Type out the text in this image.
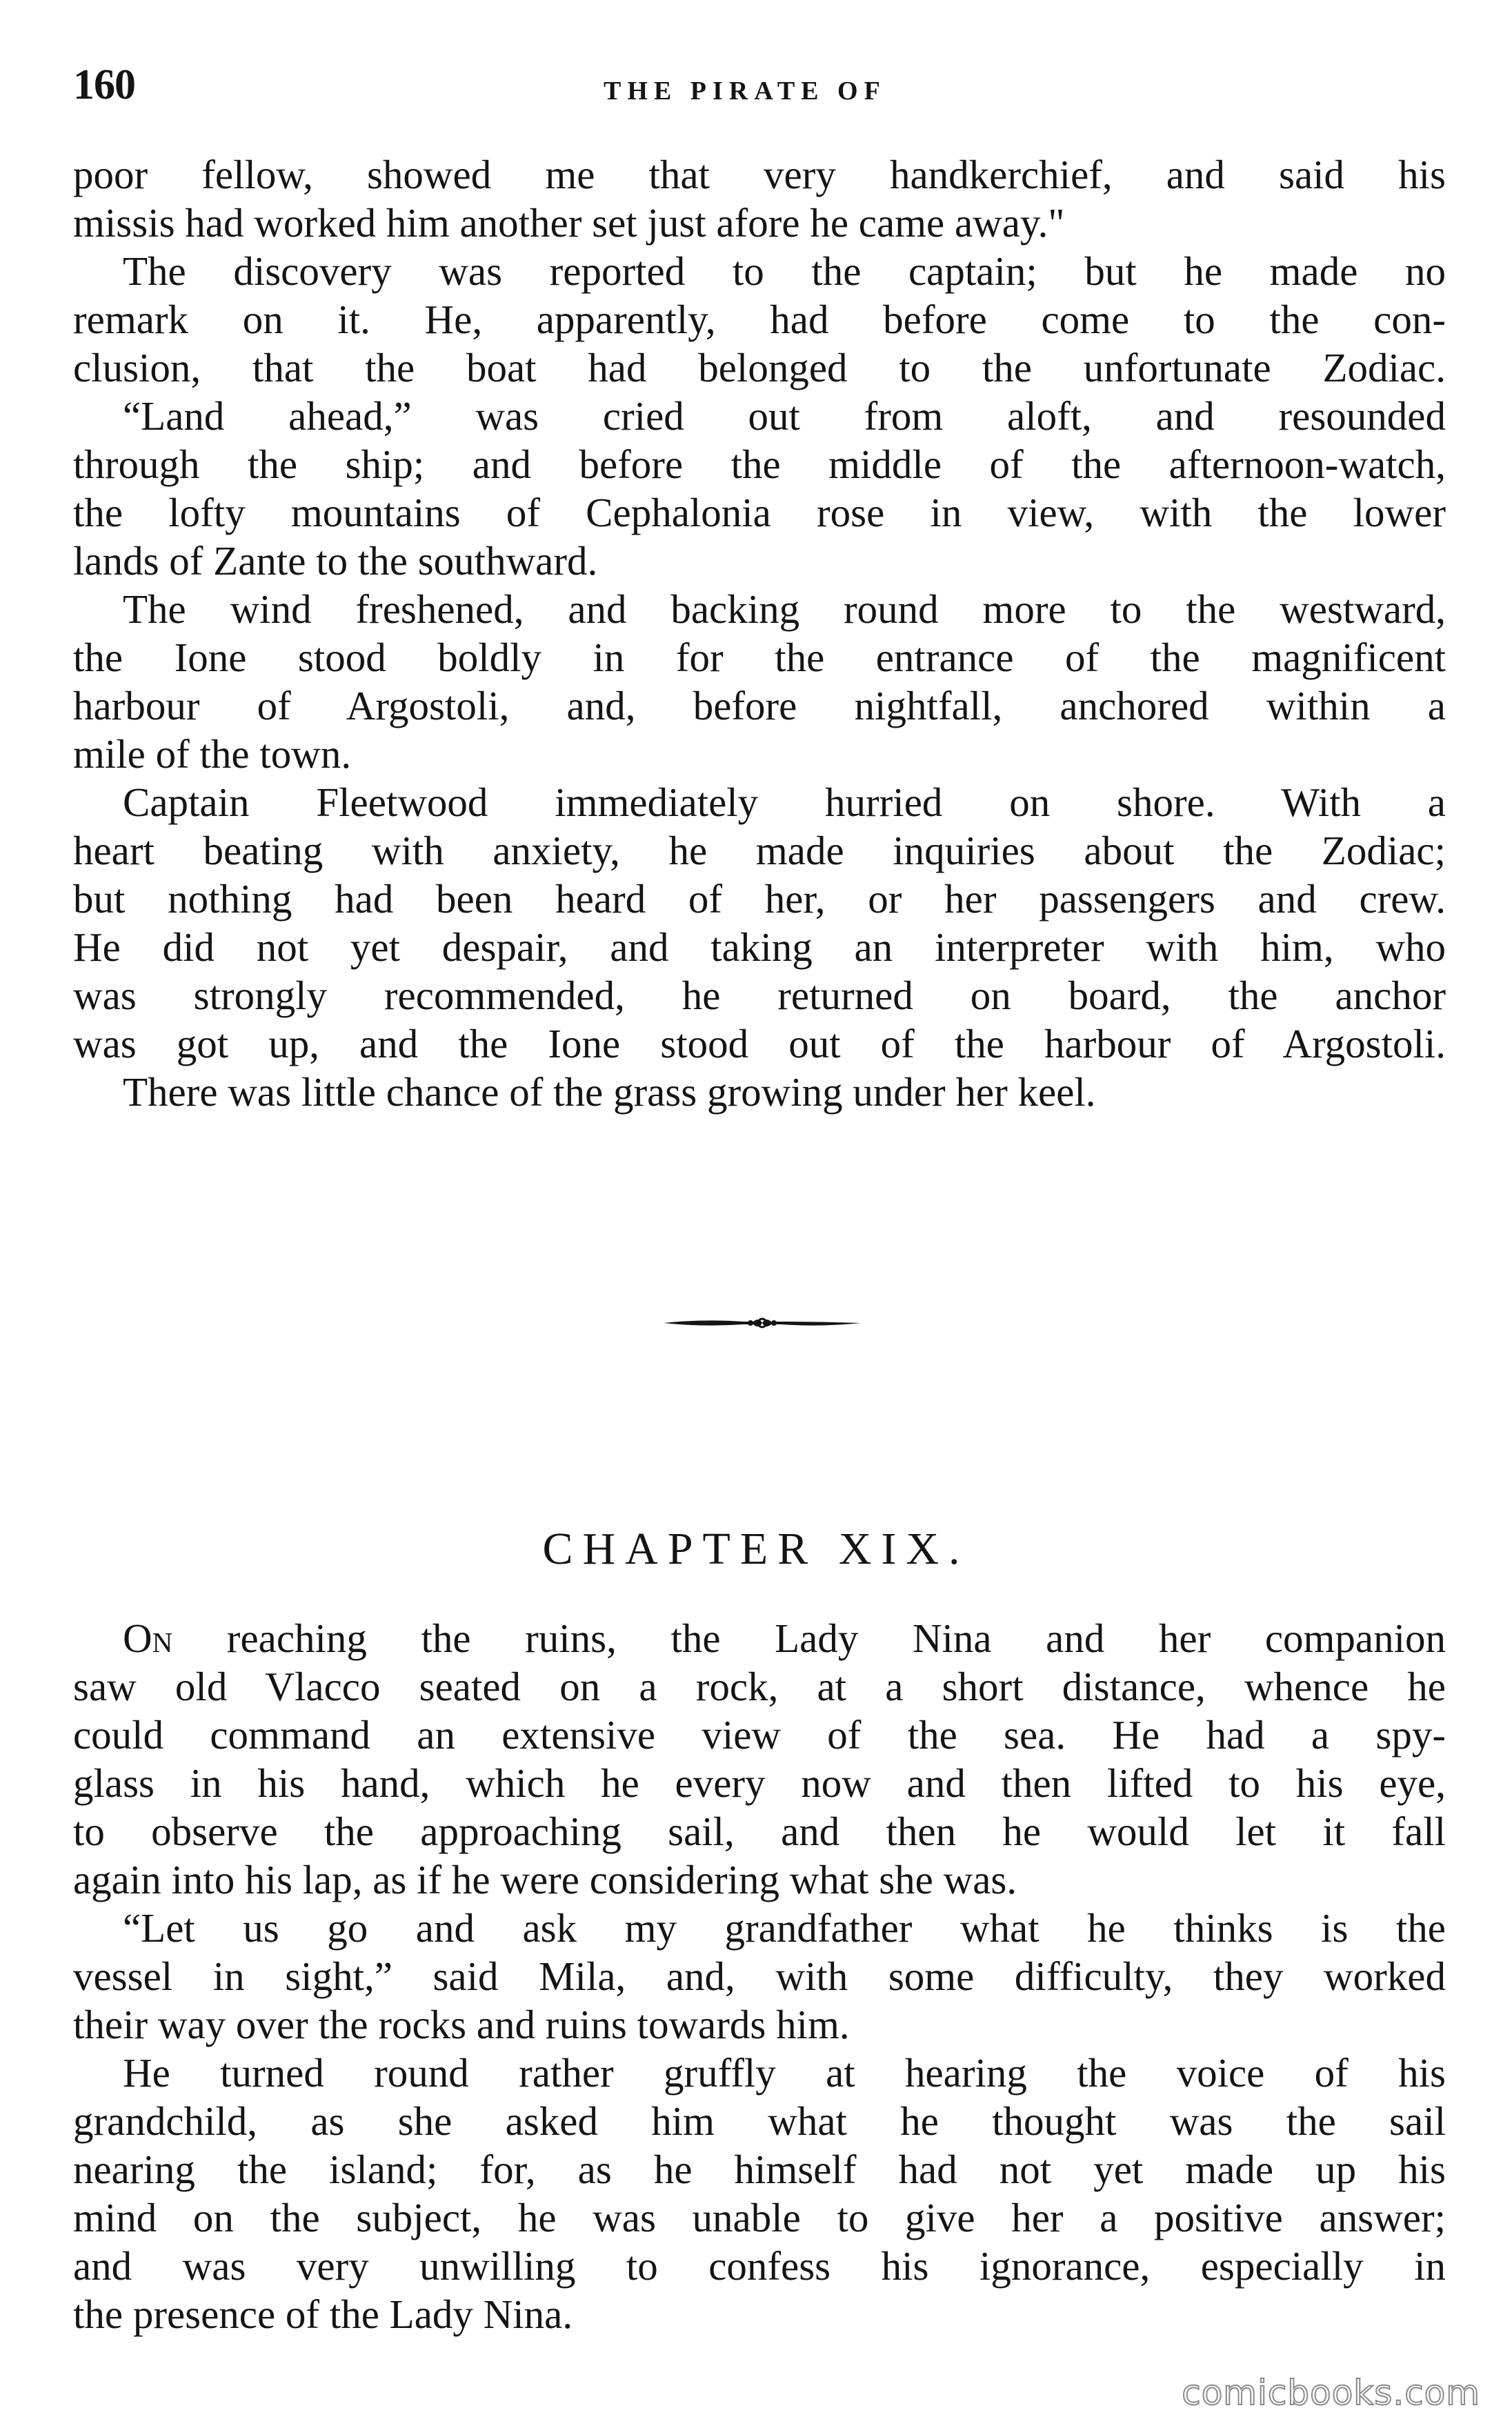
160	THE PIRATE OF
poor fellow, showed me that very handkerchief, and said his
missis had worked him another set just afore he came away."
The discovery was reported to the captain; but he made no
remark on it. He, apparently, had before come to the con-
clusion, that the boat had belonged to the unfortunate Zodiac.
“Land ahead,” was cried out from aloft, and resounded
through the ship; and before the middle of the afternoon-watch,
the lofty mountains of Cephalonia rose in view, with the lower
lands of Zante to the southward.
The wind freshened, and backing round more to the westward,
the Ione stood boldly in for the entrance of the magnificent
harbour of Argostoli, and, before nightfall, anchored within a
mile of the town.
Captain Fleetwood immediately hurried on shore. With a
heart beating with anxiety, he made inquiries about the Zodiac;
but nothing had been heard of her, or her passengers and crew.
He did not yet despair, and taking an interpreter with him, who
was strongly recommended, he returned on board, the anchor
was got up, and the Ione stood out of the harbour of Argostoli.
There was little chance of the grass growing under her keel.
CHAPTER XIX.
On reaching the ruins, the Lady Nina and her companion
saw old Vlacco seated on a rock, at a short distance, whence he
could command an extensive view of the sea. He had a spy-
glass in his hand, which he every now and then lifted to his eye,
to observe the approaching sail, and then he would let it fall
again into his lap, as if he were considering what she was.
“Let us go and ask my grandfather what he thinks is the
vessel in sight,” said Mila, and, with some difficulty, they worked
their way over the rocks and ruins towards him.
He turned round rather gruffly at hearing the voice of his
grandchild, as she asked him what he thought was the sail
nearing the island; for, as he himself had not yet made up his
mind on the subject, he was unable to give her a positive answer;
and was very unwilling to confess his ignorance, especially in
the presence of the Lady Nina.
comicbooks.com
